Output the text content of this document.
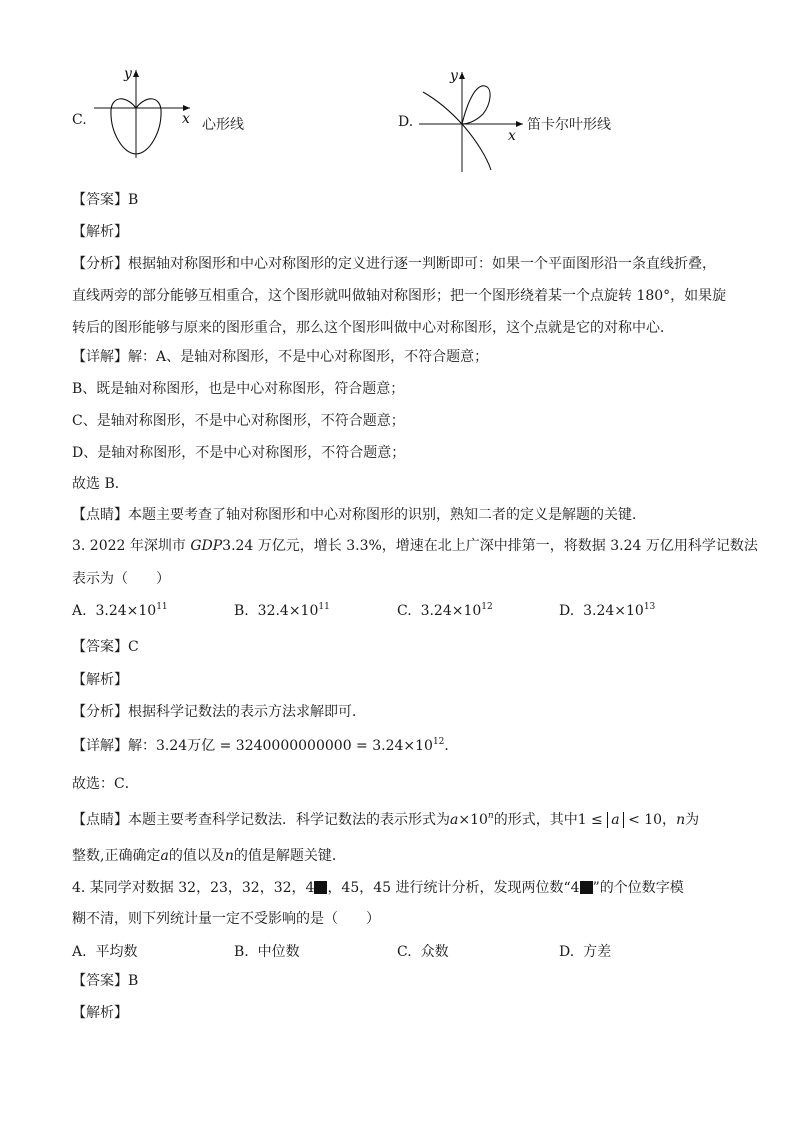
C.
y
x 心形线	D.
y
x
笛卡尔叶形线
【答案】B
【解析】
【分析】根据轴对称图形和中心对称图形的定义进行逐一判断即可：如果一个平面图形沿一条直线折叠，
直线两旁的部分能够互相重合，这个图形就叫做轴对称图形；把一个图形绕着某一个点旋转 180°，如果旋
转后的图形能够与原来的图形重合，那么这个图形叫做中心对称图形，这个点就是它的对称中心．
【详解】解：A、是轴对称图形，不是中心对称图形，不符合题意；
B、既是轴对称图形，也是中心对称图形，符合题意；
C、是轴对称图形，不是中心对称图形，不符合题意；
D、是轴对称图形，不是中心对称图形，不符合题意；
故选 B．
【点睛】本题主要考查了轴对称图形和中心对称图形的识别，熟知二者的定义是解题的关键．
3. 2022 年深圳市 GDP3.24 万亿元，增长 3.3%，增速在北上广深中排第一，将数据 3.24 万亿用科学记数法
表示为（　　）
A. $3.24\times 10^{11}$	B. $32.4\times 10^{11}$	C. $3.24\times 10^{12}$	D. $3.24\times 10^{13}$
【答案】C
【解析】
【分析】根据科学记数法的表示方法求解即可．
【详解】解：3.24万亿 = $3240000000000 = 3.24\times 10^{12}$．
故选：C．
【点睛】本题主要考查科学记数法．科学记数法的表示形式为$a\times 10^n$的形式，其中1 ≤ a < 10，n为
整数,正确确定a的值以及n的值是解题关键．
4. 某同学对数据 32，23，32，32，4 ，45，45 进行统计分析，发现两位数“4 ”的个位数字模
糊不清，则下列统计量一定不受影响的是（　　）
A. 平均数	B. 中位数	C. 众数	D. 方差
【答案】B
【解析】
